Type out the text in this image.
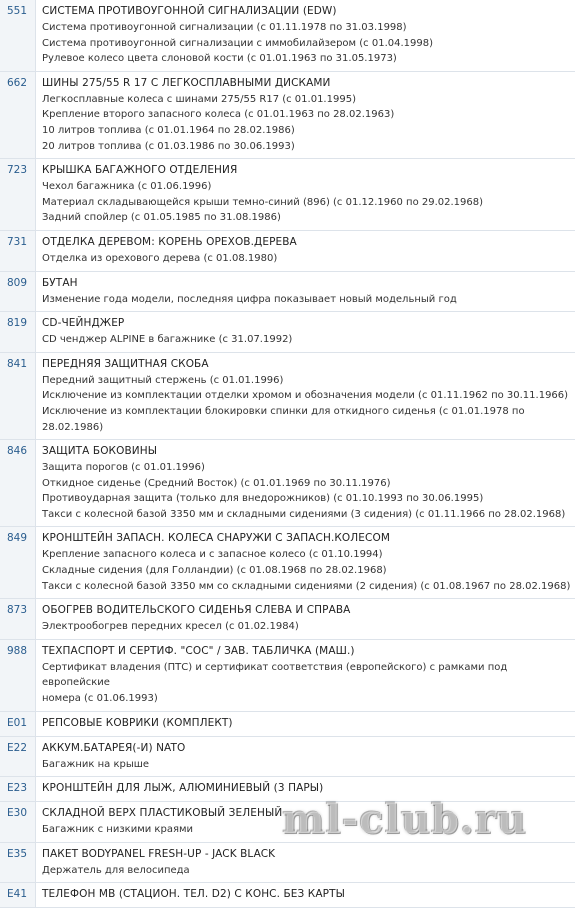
551	СИСТЕМА ПРОТИВОУГОННОЙ СИГНАЛИЗАЦИИ (EDW)
Система противоугонной сигнализации (с 01.11.1978 по 31.03.1998)
Система противоугонной сигнализации с иммобилайзером (с 01.04.1998)
Рулевое колесо цвета слоновой кости (с 01.01.1963 по 31.05.1973)
662	ШИНЫ 275/55 R 17 С ЛЕГКОСПЛАВНЫМИ ДИСКАМИ
Легкосплавные колеса с шинами 275/55 R17 (с 01.01.1995)
Крепление второго запасного колеса (с 01.01.1963 по 28.02.1963)
10 литров топлива (с 01.01.1964 по 28.02.1986)
20 литров топлива (с 01.03.1986 по 30.06.1993)
723	КРЫШКА БАГАЖНОГО ОТДЕЛЕНИЯ
Чехол багажника (с 01.06.1996)
Материал складывающейся крыши темно-синий (896) (с 01.12.1960 по 29.02.1968)
Задний спойлер (с 01.05.1985 по 31.08.1986)
731	ОТДЕЛКА ДЕРЕВОМ: КОРЕНЬ ОРЕХОВ.ДЕРЕВА
Отделка из орехового дерева (с 01.08.1980)
809	БУТАН
Изменение года модели, последняя цифра показывает новый модельный год
819	CD-ЧЕЙНДЖЕР
CD ченджер ALPINE в багажнике (с 31.07.1992)
841	ПЕРЕДНЯЯ ЗАЩИТНАЯ СКОБА
Передний защитный стержень (с 01.01.1996)
Исключение из комплектации отделки хромом и обозначения модели (с 01.11.1962 по 30.11.1966)
Исключение из комплектации блокировки спинки для откидного сиденья (с 01.01.1978 по 28.02.1986)
846	ЗАЩИТА БОКОВИНЫ
Защита порогов (с 01.01.1996)
Откидное сиденье (Средний Восток) (с 01.01.1969 по 30.11.1976)
Противоударная защита (только для внедорожников) (с 01.10.1993 по 30.06.1995)
Такси с колесной базой 3350 мм и складными сидениями (3 сидения) (с 01.11.1966 по 28.02.1968)
849	КРОНШТЕЙН ЗАПАСН. КОЛЕСА СНАРУЖИ С ЗАПАСН.КОЛЕСОМ
Крепление запасного колеса и с запасное колесо (с 01.10.1994)
Складные сидения (для Голландии) (с 01.08.1968 по 28.02.1968)
Такси с колесной базой 3350 мм со складными сидениями (2 сидения) (с 01.08.1967 по 28.02.1968)
873	ОБОГРЕВ ВОДИТЕЛЬСКОГО СИДЕНЬЯ СЛЕВА И СПРАВА
Электрообогрев передних кресел (с 01.02.1984)
988	ТЕХПАСПОРТ И СЕРТИФ. "СОС" / ЗАВ. ТАБЛИЧКА (МАШ.)
Сертификат владения (ПТС) и сертификат соответствия (европейского) с рамками под европейские
номера (с 01.06.1993)
E01	РЕПСОВЫЕ КОВРИКИ (КОМПЛЕКТ)
E22	АККУМ.БАТАРЕЯ(-И) NATO
Багажник на крыше
E23	КРОНШТЕЙН ДЛЯ ЛЫЖ, АЛЮМИНИЕВЫЙ (3 ПАРЫ)
E30	СКЛАДНОЙ ВЕРХ ПЛАСТИКОВЫЙ ЗЕЛЕНЫЙ
Багажник с низкими краями
E35	ПАКЕТ BODYPANEL FRESH-UP - JACK BLACK
Держатель для велосипеда
E41	ТЕЛЕФОН MB (СТАЦИОН. ТЕЛ. D2) С КОНС. БЕЗ КАРТЫ
ml-club.ru
